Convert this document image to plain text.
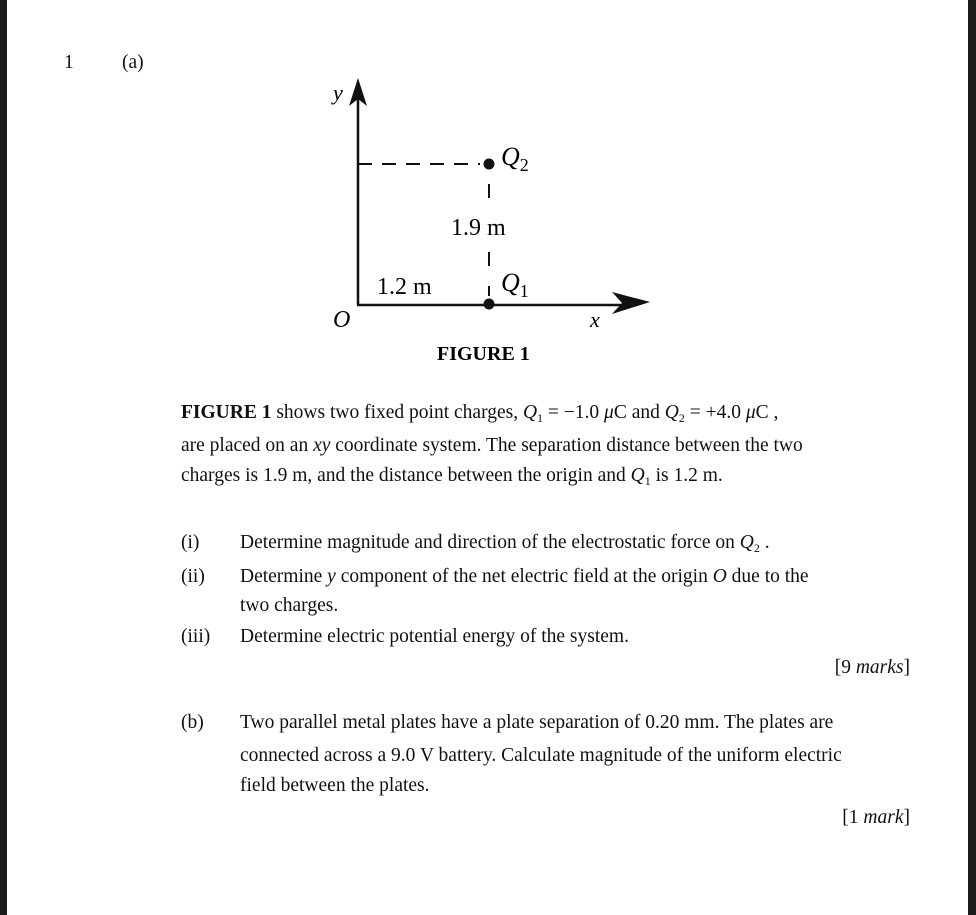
1 (a)
y
x
O
$Q_2$
$Q_1$
1.9 m
1.2 m
FIGURE 1
FIGURE 1 shows two fixed point charges, $Q_1 = -1.0$ μC and $Q_2 = +4.0$ μC ,
are placed on an xy coordinate system. The separation distance between the two
charges is 1.9 m, and the distance between the origin and $Q_1$ is 1.2 m.
(i) Determine magnitude and direction of the electrostatic force on $Q_2$ .
(ii) Determine y component of the net electric field at the origin O due to the
two charges.
(iii) Determine electric potential energy of the system.
[9 marks]
(b) Two parallel metal plates have a plate separation of 0.20 mm. The plates are
connected across a 9.0 V battery. Calculate magnitude of the uniform electric
field between the plates.
[1 mark]
